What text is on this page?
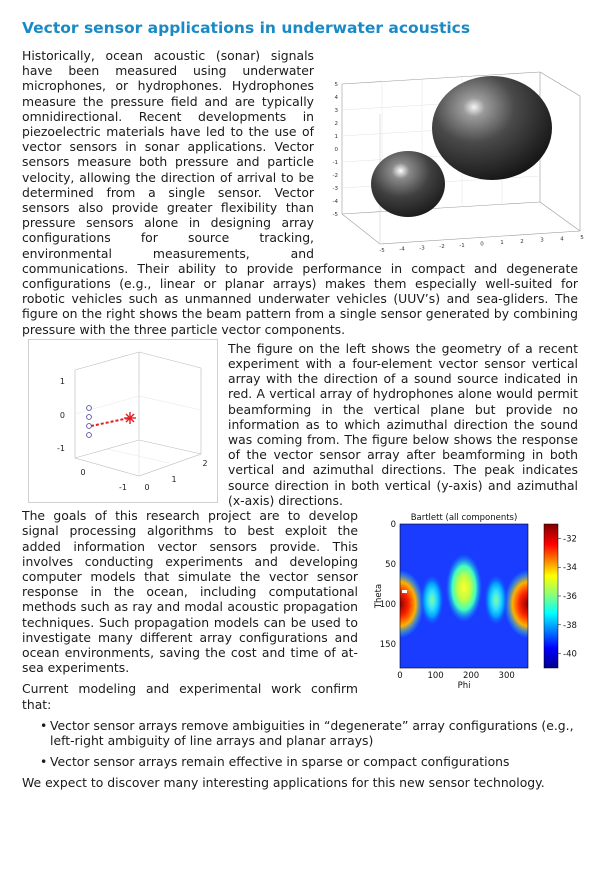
Vector sensor applications in underwater acoustics
5
4
3
2
1
0
-1
-2
-3
-4
-5
-5	-4	-3	-2	-1	0	1	2	3	4	5

Historically, ocean acoustic (sonar) signals have been measured using underwater microphones, or hydrophones. Hydrophones measure the pressure field and are typically omnidirectional. Recent developments in piezoelectric materials have led to the use of vector sensors in sonar applications. Vector sensors measure both pressure and particle velocity, allowing the direction of arrival to be determined from a single sensor. Vector sensors also provide greater flexibility than pressure sensors alone in designing array configurations for source tracking, environmental measurements, and communications. Their ability to provide performance in compact and degenerate configurations (e.g., linear or planar arrays) makes them especially well-suited for robotic vehicles such as unmanned underwater vehicles (UUV’s) and sea-gliders. The figure on the right shows the beam pattern from a single sensor generated by combining pressure with the three particle vector components.

1
0
-1
0
-1 0
1
2

The figure on the left shows the geometry of a recent experiment with a four-element vector sensor vertical array with the direction of a sound source indicated in red. A vertical array of hydrophones alone would permit beamforming in the vertical plane but provide no information as to which azimuthal direction the sound was coming from. The figure below shows the response of the vector sensor array after beamforming in both vertical and azimuthal directions. The peak indicates source direction in both vertical (y-axis) and azimuthal (x-axis) directions.

Bartlett (all components)
0	100 200 300
0
50
100
150
Phi
Theta
-32
-34
-36
-38
-40

The goals of this research project are to develop signal processing algorithms to best exploit the added information vector sensors provide. This involves conducting experiments and developing computer models that simulate the vector sensor response in the ocean, including computational methods such as ray and modal acoustic propagation techniques. Such propagation models can be used to investigate many different array configurations and ocean environments, saving the cost and time of at-sea experiments.

Current modeling and experimental work confirm that:

• Vector sensor arrays remove ambiguities in “degenerate” array configurations (e.g., left-right ambiguity of line arrays and planar arrays)
• Vector sensor arrays remain effective in sparse or compact configurations

We expect to discover many interesting applications for this new sensor technology.
